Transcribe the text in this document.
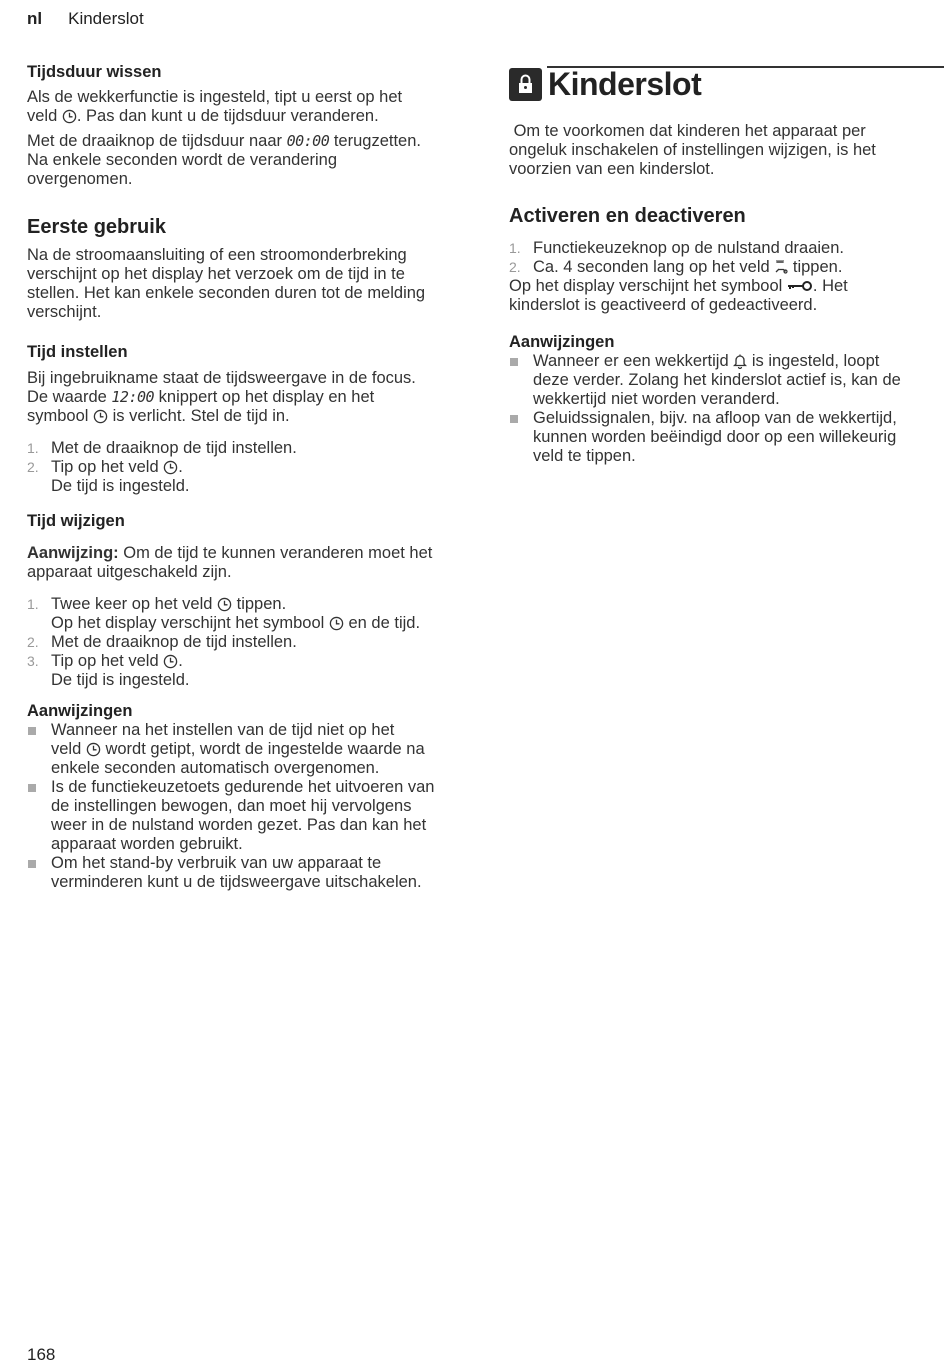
nl Kinderslot
Tijdsduur wissen

Als de wekkerfunctie is ingesteld, tipt u eerst op het
veld . Pas dan kunt u de tijdsduur veranderen.

Met de draaiknop de tijdsduur naar 00:00 terugzetten.
Na enkele seconden wordt de verandering
overgenomen.

Eerste gebruik

Na de stroomaansluiting of een stroomonderbreking
verschijnt op het display het verzoek om de tijd in te
stellen. Het kan enkele seconden duren tot de melding
verschijnt.

Tijd instellen

Bij ingebruikname staat de tijdsweergave in de focus.
De waarde 12:00 knippert op het display en het
symbool is verlicht. Stel de tijd in.

1. Met de draaiknop de tijd instellen.
2. Tip op het veld .
De tijd is ingesteld.
Tijd wijzigen

Aanwijzing: Om de tijd te kunnen veranderen moet het
apparaat uitgeschakeld zijn.

1. Twee keer op het veld tippen.
Op het display verschijnt het symbool en de tijd.
2. Met de draaiknop de tijd instellen.
3. Tip op het veld .
De tijd is ingesteld.
Aanwijzingen
Wanneer na het instellen van de tijd niet op het
veld wordt getipt, wordt de ingestelde waarde na
enkele seconden automatisch overgenomen.
Is de functiekeuzetoets gedurende het uitvoeren van
de instellingen bewogen, dan moet hij vervolgens
weer in de nulstand worden gezet. Pas dan kan het
apparaat worden gebruikt.
Om het stand-by verbruik van uw apparaat te
verminderen kunt u de tijdsweergave uitschakelen.
Kinderslot

Om te voorkomen dat kinderen het apparaat per
ongeluk inschakelen of instellingen wijzigen, is het
voorzien van een kinderslot.

Activeren en deactiveren
1. Functiekeuzeknop op de nulstand draaien.
2. Ca. 4 seconden lang op het veld tippen.

Op het display verschijnt het symbool . Het
kinderslot is geactiveerd of gedeactiveerd.

Aanwijzingen
Wanneer er een wekkertijd is ingesteld, loopt
deze verder. Zolang het kinderslot actief is, kan de
wekkertijd niet worden veranderd.
Geluidssignalen, bijv. na afloop van de wekkertijd,
kunnen worden beëindigd door op een willekeurig
veld te tippen.
168
